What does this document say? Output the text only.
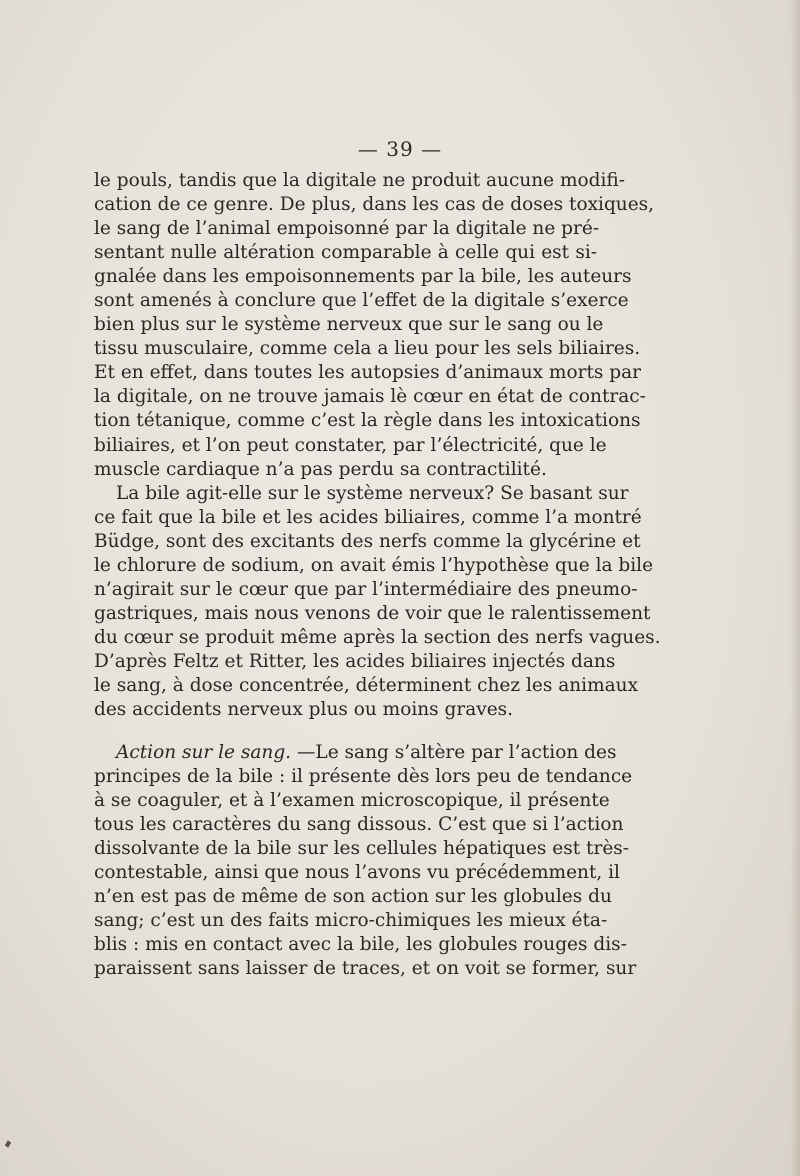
— 39 —

le pouls, tandis que la digitale ne produit aucune modifi-
cation de ce genre. De plus, dans les cas de doses toxiques,
le sang de l’animal empoisonné par la digitale ne pré-
sentant nulle altération comparable à celle qui est si-
gnalée dans les empoisonnements par la bile, les auteurs
sont amenés à conclure que l’effet de la digitale s’exerce
bien plus sur le système nerveux que sur le sang ou le
tissu musculaire, comme cela a lieu pour les sels biliaires.
Et en effet, dans toutes les autopsies d’animaux morts par
la digitale, on ne trouve jamais lè cœur en état de contrac-
tion tétanique, comme c’est la règle dans les intoxications
biliaires, et l’on peut constater, par l’électricité, que le
muscle cardiaque n’a pas perdu sa contractilité.

La bile agit-elle sur le système nerveux? Se basant sur
ce fait que la bile et les acides biliaires, comme l’a montré
Büdge, sont des excitants des nerfs comme la glycérine et
le chlorure de sodium, on avait émis l’hypothèse que la bile
n’agirait sur le cœur que par l’intermédiaire des pneumo-
gastriques, mais nous venons de voir que le ralentissement
du cœur se produit même après la section des nerfs vagues.
D’après Feltz et Ritter, les acides biliaires injectés dans
le sang, à dose concentrée, déterminent chez les animaux
des accidents nerveux plus ou moins graves.

Action sur le sang. —Le sang s’altère par l’action des
principes de la bile : il présente dès lors peu de tendance
à se coaguler, et à l’examen microscopique, il présente
tous les caractères du sang dissous. C’est que si l’action
dissolvante de la bile sur les cellules hépatiques est très-
contestable, ainsi que nous l’avons vu précédemment, il
n’en est pas de même de son action sur les globules du
sang; c’est un des faits micro-chimiques les mieux éta-
blis : mis en contact avec la bile, les globules rouges dis-
paraissent sans laisser de traces, et on voit se former, sur
